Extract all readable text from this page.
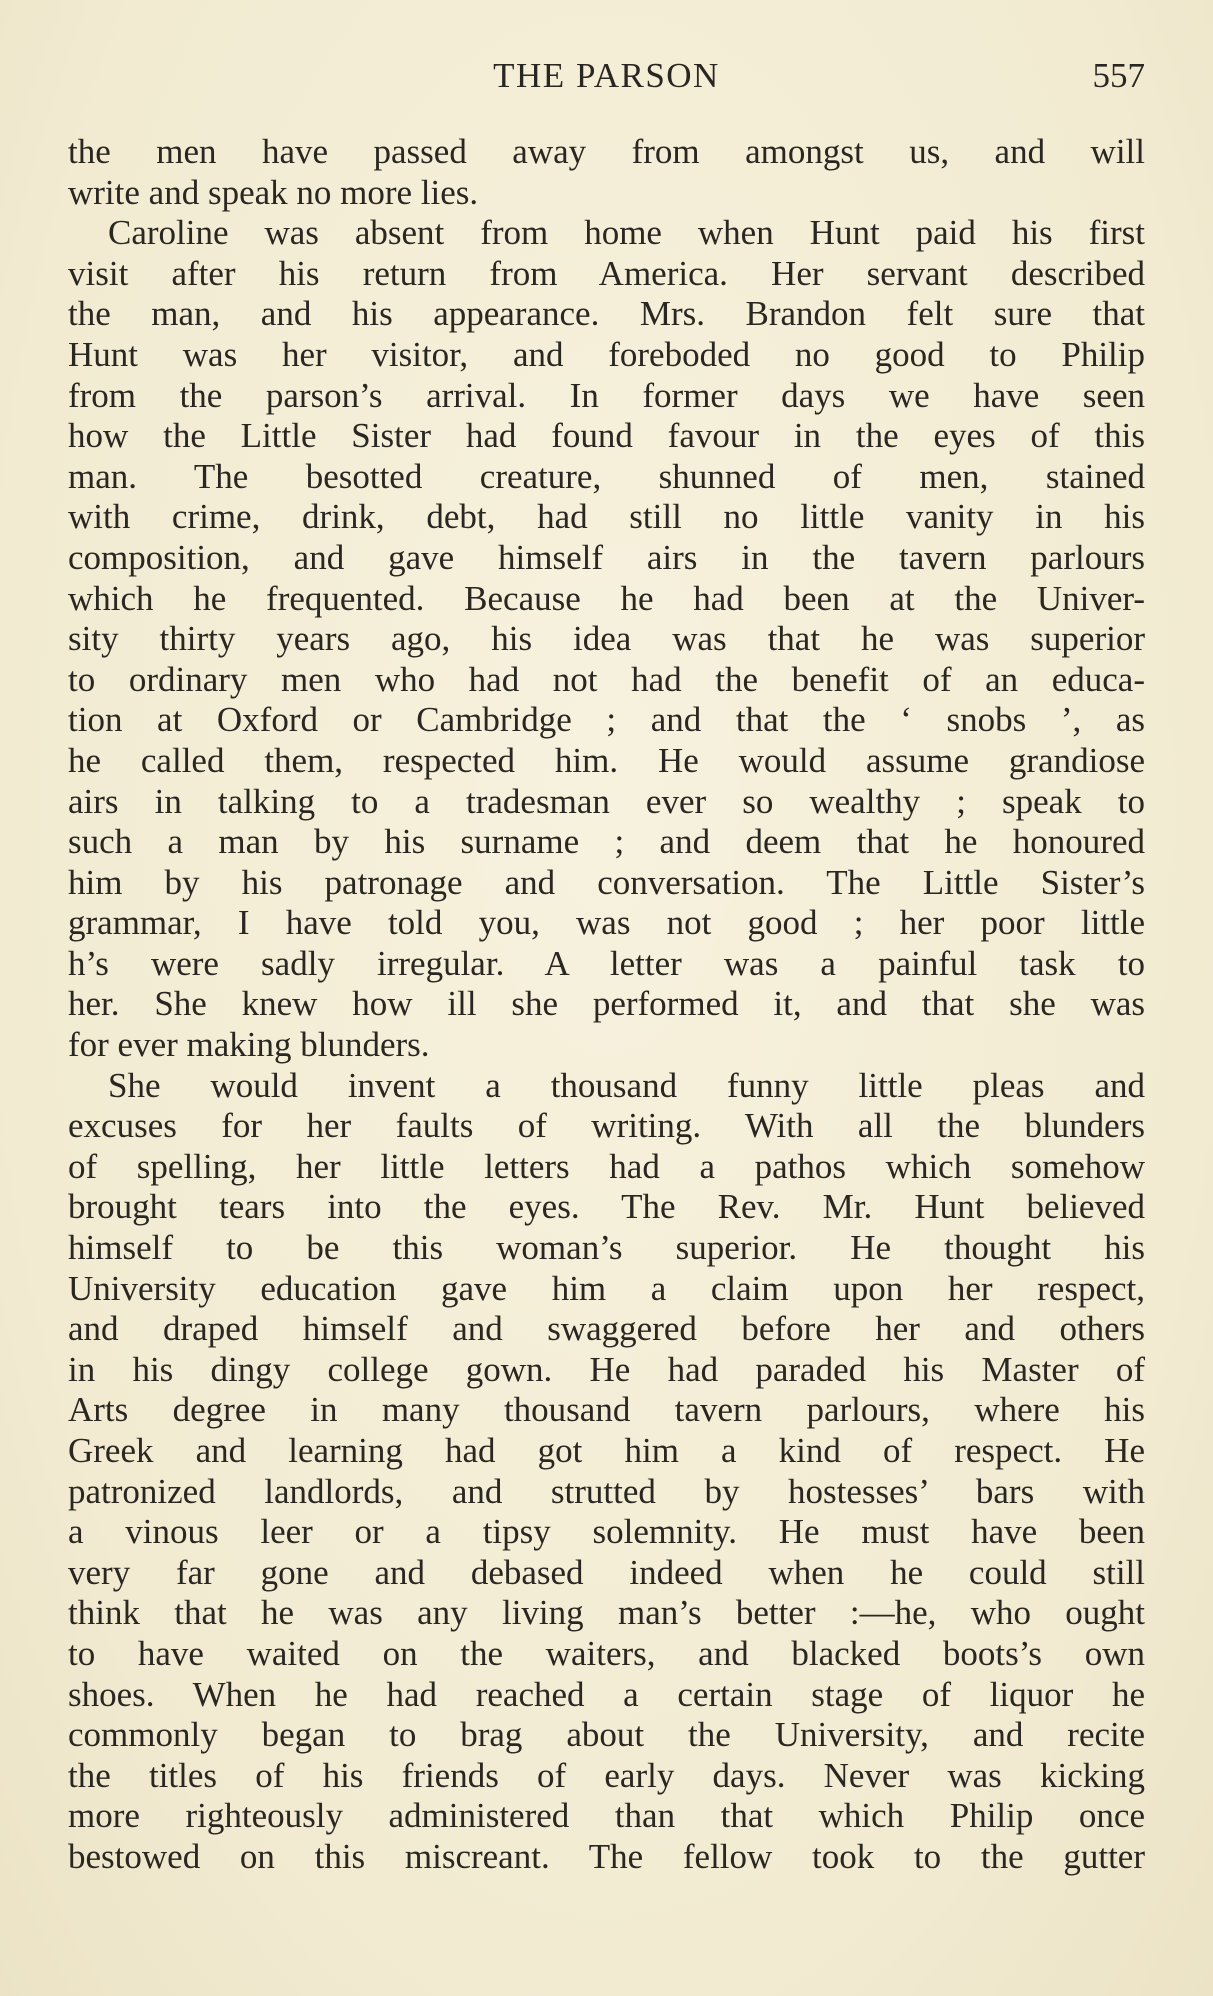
THE PARSON	557
the men have passed away from amongst us, and will
write and speak no more lies.
Caroline was absent from home when Hunt paid his first
visit after his return from America. Her servant described
the man, and his appearance. Mrs. Brandon felt sure that
Hunt was her visitor, and foreboded no good to Philip
from the parson’s arrival. In former days we have seen
how the Little Sister had found favour in the eyes of this
man. The besotted creature, shunned of men, stained
with crime, drink, debt, had still no little vanity in his
composition, and gave himself airs in the tavern parlours
which he frequented. Because he had been at the Univer-
sity thirty years ago, his idea was that he was superior
to ordinary men who had not had the benefit of an educa-
tion at Oxford or Cambridge ; and that the ‘ snobs ’, as
he called them, respected him. He would assume grandiose
airs in talking to a tradesman ever so wealthy ; speak to
such a man by his surname ; and deem that he honoured
him by his patronage and conversation. The Little Sister’s
grammar, I have told you, was not good ; her poor little
h’s were sadly irregular. A letter was a painful task to
her. She knew how ill she performed it, and that she was
for ever making blunders.
She would invent a thousand funny little pleas and
excuses for her faults of writing. With all the blunders
of spelling, her little letters had a pathos which somehow
brought tears into the eyes. The Rev. Mr. Hunt believed
himself to be this woman’s superior. He thought his
University education gave him a claim upon her respect,
and draped himself and swaggered before her and others
in his dingy college gown. He had paraded his Master of
Arts degree in many thousand tavern parlours, where his
Greek and learning had got him a kind of respect. He
patronized landlords, and strutted by hostesses’ bars with
a vinous leer or a tipsy solemnity. He must have been
very far gone and debased indeed when he could still
think that he was any living man’s better :—he, who ought
to have waited on the waiters, and blacked boots’s own
shoes. When he had reached a certain stage of liquor he
commonly began to brag about the University, and recite
the titles of his friends of early days. Never was kicking
more righteously administered than that which Philip once
bestowed on this miscreant. The fellow took to the gutter
